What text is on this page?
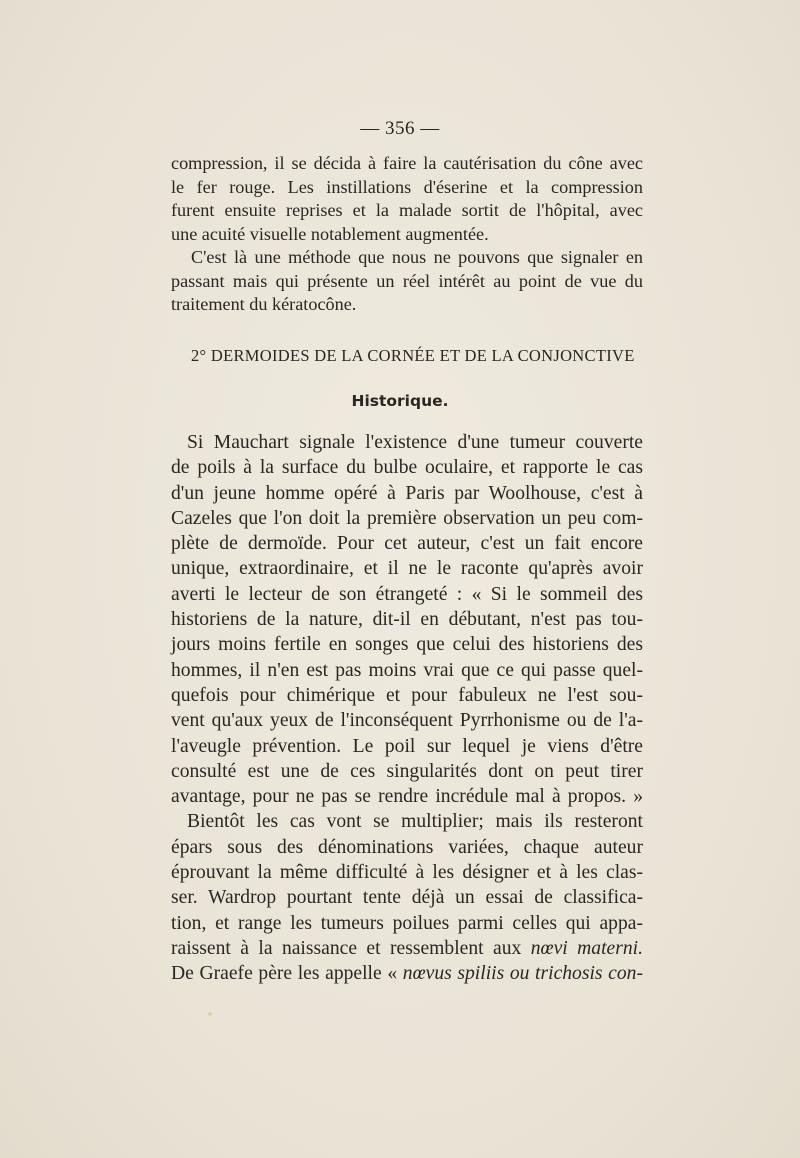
— 356 —
compression, il se décida à faire la cautérisation du cône avec
le fer rouge. Les instillations d'éserine et la compression
furent ensuite reprises et la malade sortit de l'hôpital, avec
une acuité visuelle notablement augmentée.
C'est là une méthode que nous ne pouvons que signaler en
passant mais qui présente un réel intérêt au point de vue du
traitement du kératocône.
2° DERMOIDES DE LA CORNÉE ET DE LA CONJONCTIVE
Historique.
Si Mauchart signale l'existence d'une tumeur couverte
de poils à la surface du bulbe oculaire, et rapporte le cas
d'un jeune homme opéré à Paris par Woolhouse, c'est à
Cazeles que l'on doit la première observation un peu com-
plète de dermoïde. Pour cet auteur, c'est un fait encore
unique, extraordinaire, et il ne le raconte qu'après avoir
averti le lecteur de son étrangeté : « Si le sommeil des
historiens de la nature, dit-il en débutant, n'est pas tou-
jours moins fertile en songes que celui des historiens des
hommes, il n'en est pas moins vrai que ce qui passe quel-
quefois pour chimérique et pour fabuleux ne l'est sou-
vent qu'aux yeux de l'inconséquent Pyrrhonisme ou de l'a-
l'aveugle prévention. Le poil sur lequel je viens d'être
consulté est une de ces singularités dont on peut tirer
avantage, pour ne pas se rendre incrédule mal à propos. »
Bientôt les cas vont se multiplier; mais ils resteront
épars sous des dénominations variées, chaque auteur
éprouvant la même difficulté à les désigner et à les clas-
ser. Wardrop pourtant tente déjà un essai de classifica-
tion, et range les tumeurs poilues parmi celles qui appa-
raissent à la naissance et ressemblent aux nœvi materni.
De Graefe père les appelle « nœvus spiliis ou trichosis con-
